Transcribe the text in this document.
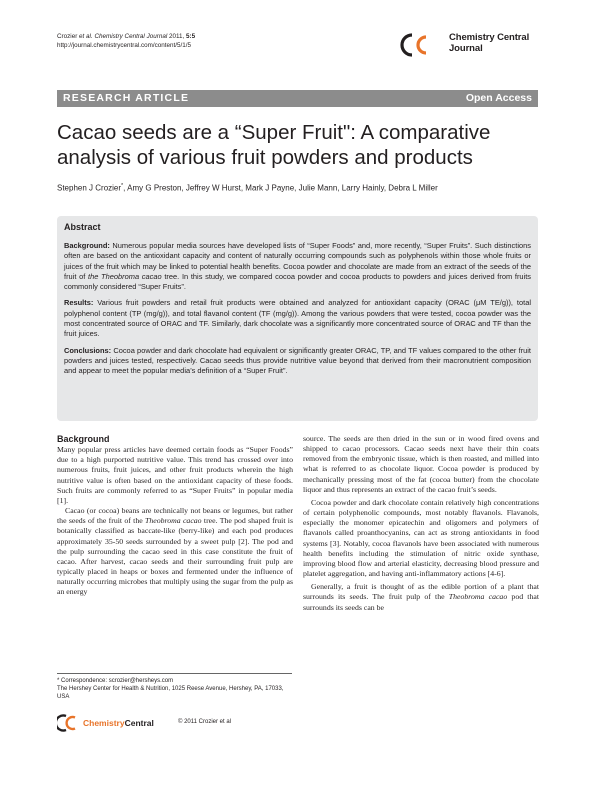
Crozier et al. Chemistry Central Journal 2011, 5:5
http://journal.chemistrycentral.com/content/5/1/5
Chemistry Central
Journal
RESEARCH ARTICLE	Open Access
Cacao seeds are a “Super Fruit": A comparative analysis of various fruit powders and products
Stephen J Crozier*, Amy G Preston, Jeffrey W Hurst, Mark J Payne, Julie Mann, Larry Hainly, Debra L Miller
Abstract

Background: Numerous popular media sources have developed lists of “Super Foods” and, more recently, “Super Fruits”. Such distinctions often are based on the antioxidant capacity and content of naturally occurring compounds such as polyphenols within those whole fruits or juices of the fruit which may be linked to potential health benefits. Cocoa powder and chocolate are made from an extract of the seeds of the fruit of the Theobroma cacao tree. In this study, we compared cocoa powder and cocoa products to powders and juices derived from fruits commonly considered “Super Fruits”.

Results: Various fruit powders and retail fruit products were obtained and analyzed for antioxidant capacity (ORAC (μM TE/g)), total polyphenol content (TP (mg/g)), and total flavanol content (TF (mg/g)). Among the various powders that were tested, cocoa powder was the most concentrated source of ORAC and TF. Similarly, dark chocolate was a significantly more concentrated source of ORAC and TF than the fruit juices.

Conclusions: Cocoa powder and dark chocolate had equivalent or significantly greater ORAC, TP, and TF values compared to the other fruit powders and juices tested, respectively. Cacao seeds thus provide nutritive value beyond that derived from their macronutrient composition and appear to meet the popular media’s definition of a “Super Fruit”.

Background

Many popular press articles have deemed certain foods as “Super Foods” due to a high purported nutritive value. This trend has crossed over into numerous fruits, fruit juices, and other fruit products wherein the high nutritive value is often based on the antioxidant capacity of these foods. Such fruits are commonly referred to as “Super Fruits” in popular media [1].

Cacao (or cocoa) beans are technically not beans or legumes, but rather the seeds of the fruit of the Theobroma cacao tree. The pod shaped fruit is botanically classified as baccate-like (berry-like) and each pod produces approximately 35-50 seeds surrounded by a sweet pulp [2]. The pod and the pulp surrounding the cacao seed in this case constitute the fruit of cacao. After harvest, cacao seeds and their surrounding fruit pulp are typically placed in heaps or boxes and fermented under the influence of naturally occurring microbes that multiply using the sugar from the pulp as an energy

source. The seeds are then dried in the sun or in wood fired ovens and shipped to cacao processors. Cacao seeds next have their thin coats removed from the embryonic tissue, which is then roasted, and milled into what is referred to as chocolate liquor. Cocoa powder is produced by mechanically pressing most of the fat (cocoa butter) from the chocolate liquor and thus represents an extract of the cacao fruit’s seeds.

Cocoa powder and dark chocolate contain relatively high concentrations of certain polyphenolic compounds, most notably flavanols. Flavanols, especially the monomer epicatechin and oligomers and polymers of flavanols called proanthocyanins, can act as strong antioxidants in food systems [3]. Notably, cocoa flavanols have been associated with numerous health benefits including the stimulation of nitric oxide synthase, improving blood flow and arterial elasticity, decreasing blood pressure and platelet aggregation, and having anti-inflammatory actions [4-6].

Generally, a fruit is thought of as the edible portion of a plant that surrounds its seeds. The fruit pulp of the Theobroma cacao pod that surrounds its seeds can be

* Correspondence: scrozier@hersheys.com
The Hershey Center for Health & Nutrition, 1025 Reese Avenue, Hershey, PA, 17033, USA
ChemistryCentral	© 2011 Crozier et al
